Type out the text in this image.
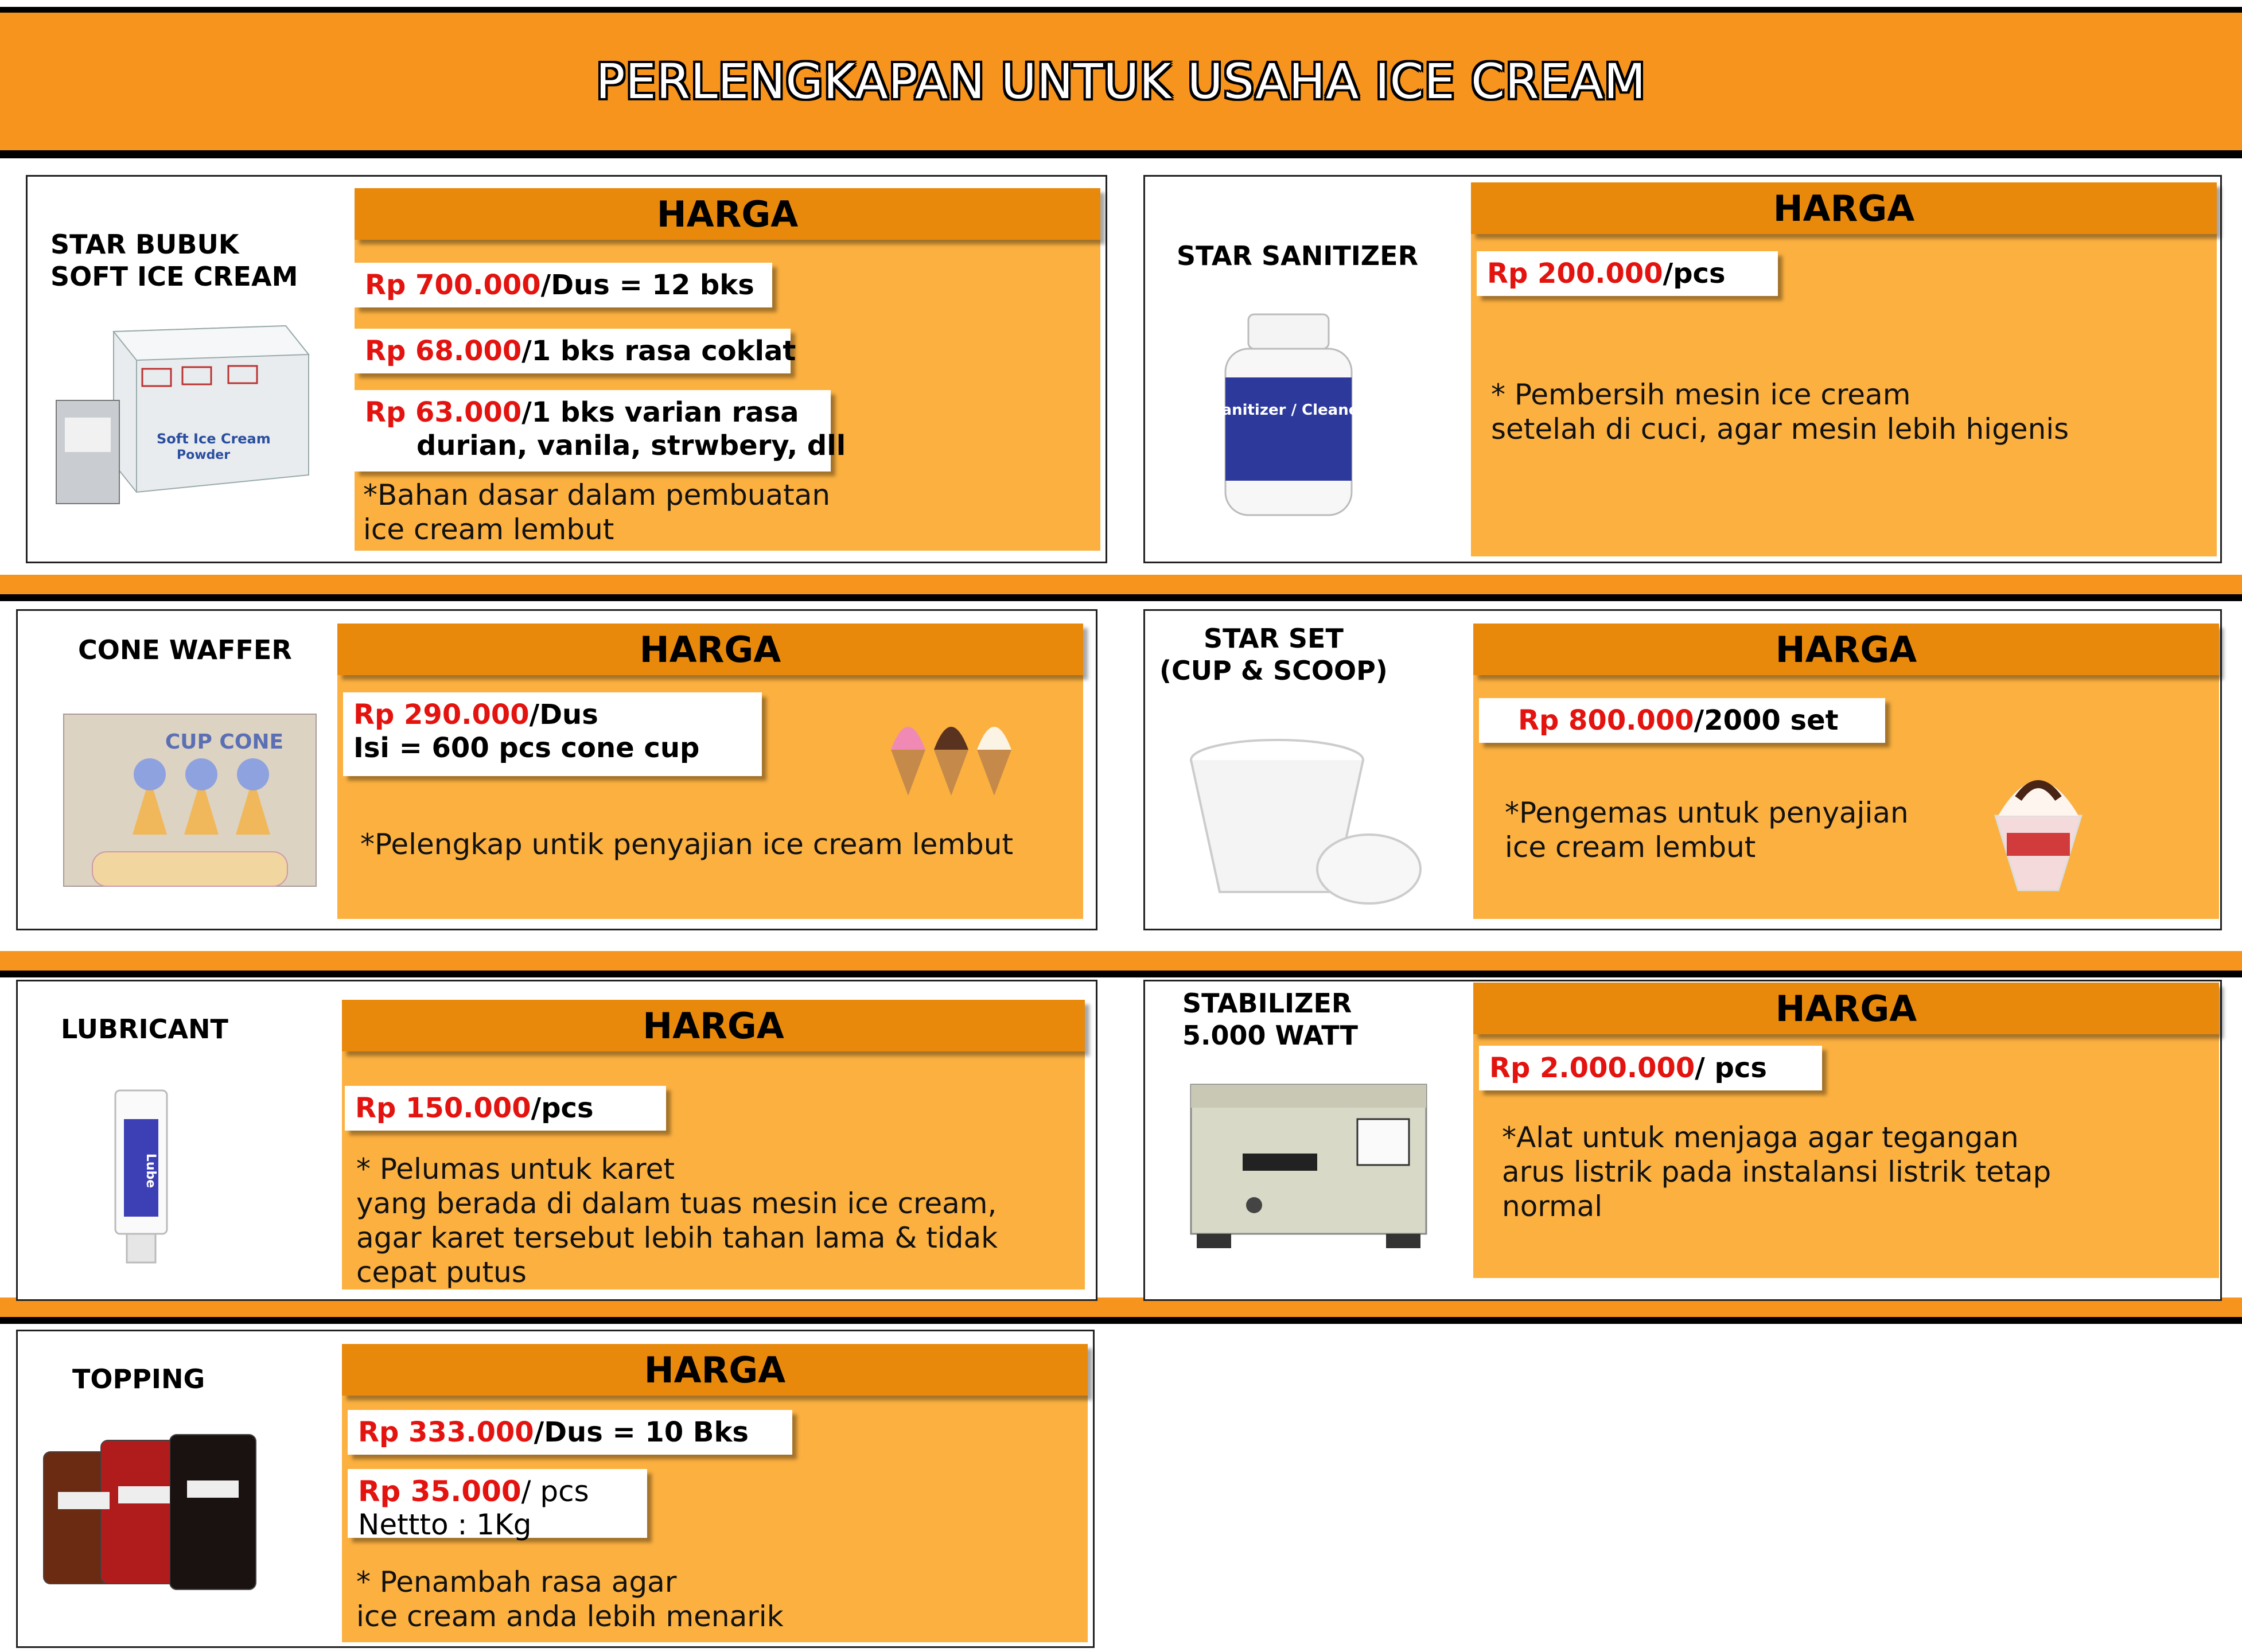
PERLENGKAPAN UNTUK USAHA ICE CREAM
STAR BUBUK
SOFT ICE CREAM
Soft Ice Cream
Powder
HARGA
Rp 700.000/Dus = 12 bks
Rp 68.000/1 bks rasa coklat
Rp 63.000/1 bks varian rasa
durian, vanila, strwbery, dll
*Bahan dasar dalam pembuatan
ice cream lembut
STAR SANITIZER
Sanitizer / Cleaner
HARGA
Rp 200.000/pcs
* Pembersih mesin ice cream
setelah di cuci, agar mesin lebih higenis
CONE WAFFER
CUP CONE
HARGA
Rp 290.000/Dus
Isi = 600 pcs cone cup
*Pelengkap untik penyajian ice cream lembut
STAR SET
(CUP & SCOOP)
HARGA
Rp 800.000/2000 set
*Pengemas untuk penyajian
ice cream lembut
LUBRICANT
Lube
HARGA
Rp 150.000/pcs
* Pelumas untuk karet
yang berada di dalam tuas mesin ice cream,
agar karet tersebut lebih tahan lama & tidak
cepat putus
STABILIZER
5.000 WATT
HARGA
Rp 2.000.000/ pcs
*Alat untuk menjaga agar tegangan
arus listrik pada instalansi listrik tetap
normal
TOPPING	HARGA
Rp 333.000/Dus = 10 Bks
Rp 35.000/ pcs
Nettto : 1Kg
* Penambah rasa agar
ice cream anda lebih menarik
